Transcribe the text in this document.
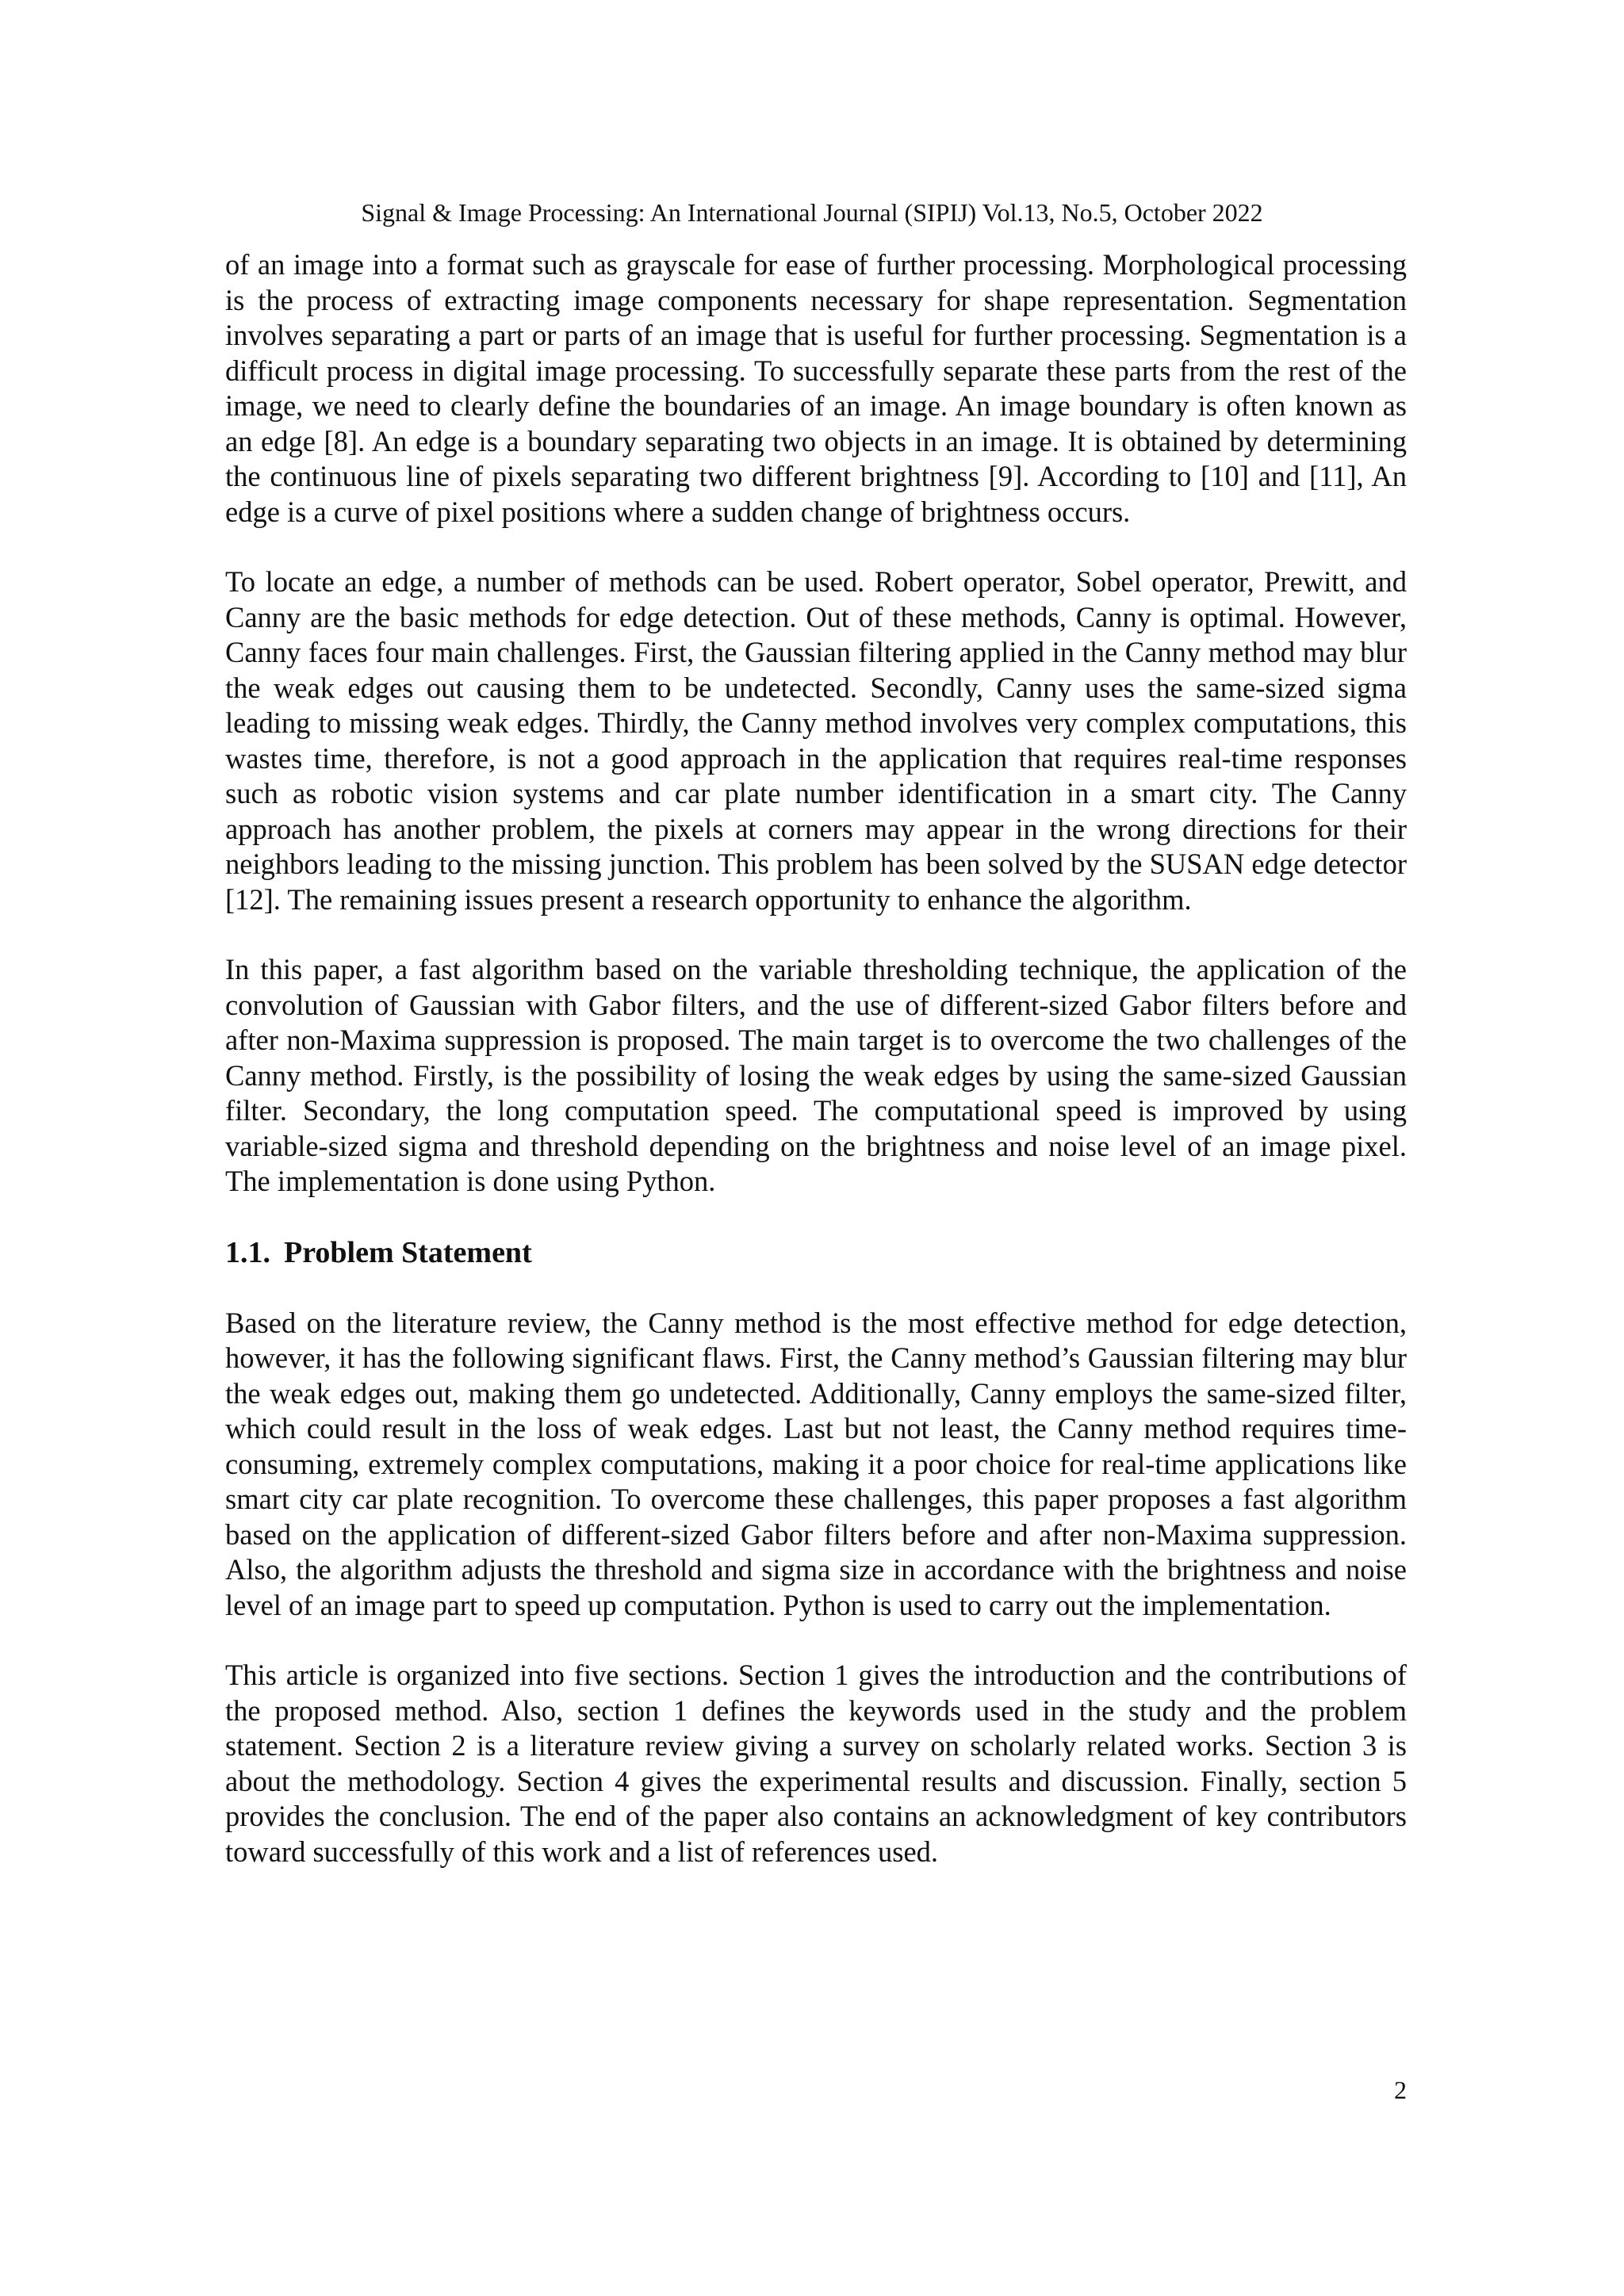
Signal & Image Processing: An International Journal (SIPIJ) Vol.13, No.5, October 2022

of an image into a format such as grayscale for ease of further processing. Morphological processing is the process of extracting image components necessary for shape representation. Segmentation involves separating a part or parts of an image that is useful for further processing. Segmentation is a difficult process in digital image processing. To successfully separate these parts from the rest of the image, we need to clearly define the boundaries of an image. An image boundary is often known as an edge [8]. An edge is a boundary separating two objects in an image. It is obtained by determining the continuous line of pixels separating two different brightness [9]. According to [10] and [11], An edge is a curve of pixel positions where a sudden change of brightness occurs.

To locate an edge, a number of methods can be used. Robert operator, Sobel operator, Prewitt, and Canny are the basic methods for edge detection. Out of these methods, Canny is optimal. However, Canny faces four main challenges. First, the Gaussian filtering applied in the Canny method may blur the weak edges out causing them to be undetected. Secondly, Canny uses the same-sized sigma leading to missing weak edges. Thirdly, the Canny method involves very complex computations, this wastes time, therefore, is not a good approach in the application that requires real-time responses such as robotic vision systems and car plate number identification in a smart city. The Canny approach has another problem, the pixels at corners may appear in the wrong directions for their neighbors leading to the missing junction. This problem has been solved by the SUSAN edge detector [12]. The remaining issues present a research opportunity to enhance the algorithm.

In this paper, a fast algorithm based on the variable thresholding technique, the application of the convolution of Gaussian with Gabor filters, and the use of different-sized Gabor filters before and after non-Maxima suppression is proposed. The main target is to overcome the two challenges of the Canny method. Firstly, is the possibility of losing the weak edges by using the same-sized Gaussian filter. Secondary, the long computation speed. The computational speed is improved by using variable-sized sigma and threshold depending on the brightness and noise level of an image pixel. The implementation is done using Python.

1.1. Problem Statement

Based on the literature review, the Canny method is the most effective method for edge detection, however, it has the following significant flaws. First, the Canny method’s Gaussian filtering may blur the weak edges out, making them go undetected. Additionally, Canny employs the same-sized filter, which could result in the loss of weak edges. Last but not least, the Canny method requires time-consuming, extremely complex computations, making it a poor choice for real-time applications like smart city car plate recognition. To overcome these challenges, this paper proposes a fast algorithm based on the application of different-sized Gabor filters before and after non-Maxima suppression. Also, the algorithm adjusts the threshold and sigma size in accordance with the brightness and noise level of an image part to speed up computation. Python is used to carry out the implementation.

This article is organized into five sections. Section 1 gives the introduction and the contributions of the proposed method. Also, section 1 defines the keywords used in the study and the problem statement. Section 2 is a literature review giving a survey on scholarly related works. Section 3 is about the methodology. Section 4 gives the experimental results and discussion. Finally, section 5 provides the conclusion. The end of the paper also contains an acknowledgment of key contributors toward successfully of this work and a list of references used.

2
